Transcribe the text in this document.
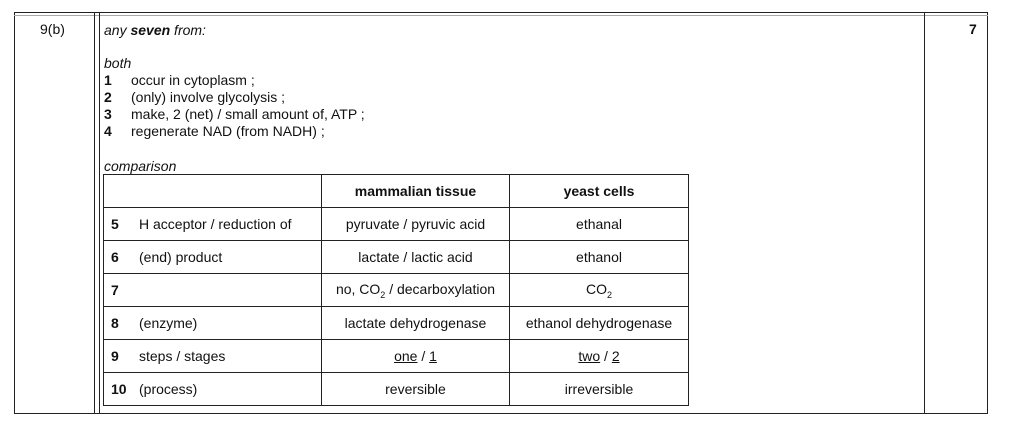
9(b)	7
any seven from:
both
1 occur in cytoplasm ;
2 (only) involve glycolysis ;
3 make, 2 (net) / small amount of, ATP ;
4 regenerate NAD (from NADH) ;
comparison
	mammalian tissue	yeast cells
5 H acceptor / reduction of	pyruvate / pyruvic acid	ethanal
6 (end) product	lactate / lactic acid	ethanol
7	no, $CO_2$ / decarboxylation	$CO_2$
8 (enzyme)	lactate dehydrogenase	ethanol dehydrogenase
9 steps / stages	one / 1	two / 2
10 (process)	reversible	irreversible
